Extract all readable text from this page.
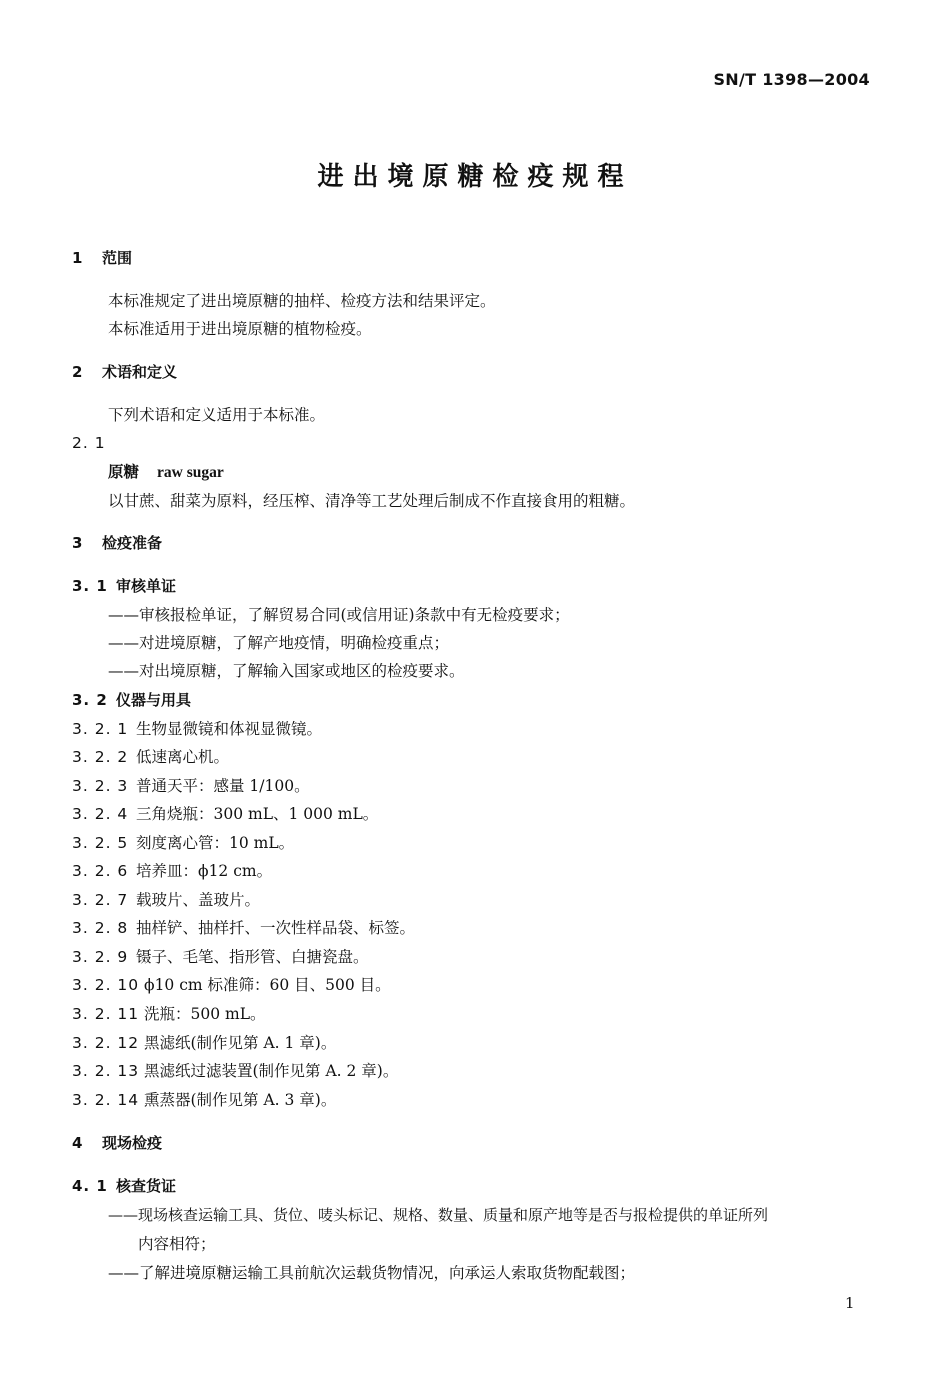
SN/T 1398—2004
进出境原糖检疫规程
1 范围
本标准规定了进出境原糖的抽样、检疫方法和结果评定。
本标准适用于进出境原糖的植物检疫。
2 术语和定义
下列术语和定义适用于本标准。
2. 1
原糖 raw sugar
以甘蔗、甜菜为原料，经压榨、清净等工艺处理后制成不作直接食用的粗糖。
3 检疫准备
3. 1 审核单证
——审核报检单证，了解贸易合同(或信用证)条款中有无检疫要求；
——对进境原糖，了解产地疫情，明确检疫重点；
——对出境原糖，了解输入国家或地区的检疫要求。
3. 2 仪器与用具
3. 2. 1 生物显微镜和体视显微镜。
3. 2. 2 低速离心机。
3. 2. 3 普通天平：感量 1/100。
3. 2. 4 三角烧瓶：300 mL、1 000 mL。
3. 2. 5 刻度离心管：10 mL。
3. 2. 6 培养皿：ϕ12 cm。
3. 2. 7 载玻片、盖玻片。
3. 2. 8 抽样铲、抽样扦、一次性样品袋、标签。
3. 2. 9 镊子、毛笔、指形管、白搪瓷盘。
3. 2. 10 ϕ10 cm 标准筛：60 目、500 目。
3. 2. 11 洗瓶：500 mL。
3. 2. 12 黑滤纸(制作见第 A. 1 章)。
3. 2. 13 黑滤纸过滤装置(制作见第 A. 2 章)。
3. 2. 14 熏蒸器(制作见第 A. 3 章)。
4 现场检疫
4. 1 核查货证
——现场核查运输工具、货位、唛头标记、规格、数量、质量和原产地等是否与报检提供的单证所列
内容相符；
——了解进境原糖运输工具前航次运载货物情况，向承运人索取货物配载图；
1
